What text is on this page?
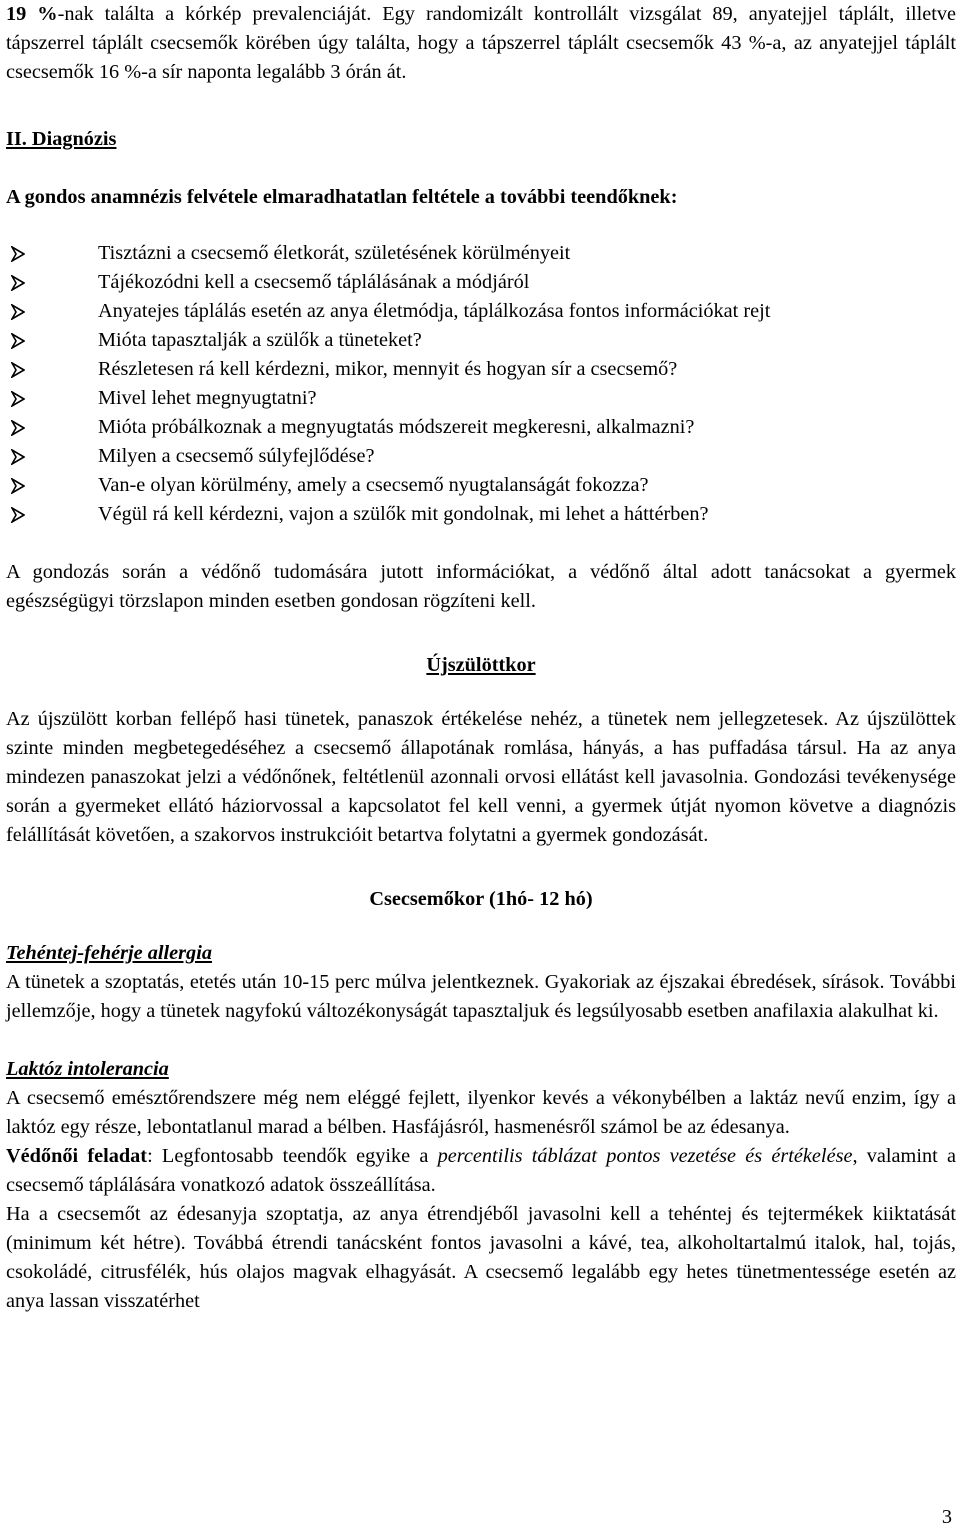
19 %-nak találta a kórkép prevalenciáját. Egy randomizált kontrollált vizsgálat 89, anyatejjel táplált, illetve tápszerrel táplált csecsemők körében úgy találta, hogy a tápszerrel táplált csecsemők 43 %-a, az anyatejjel táplált csecsemők 16 %-a sír naponta legalább 3 órán át.

II. Diagnózis

A gondos anamnézis felvétele elmaradhatatlan feltétele a további teendőknek:

Tisztázni a csecsemő életkorát, születésének körülményeit
Tájékozódni kell a csecsemő táplálásának a módjáról
Anyatejes táplálás esetén az anya életmódja, táplálkozása fontos információkat rejt
Mióta tapasztalják a szülők a tüneteket?
Részletesen rá kell kérdezni, mikor, mennyit és hogyan sír a csecsemő?
Mivel lehet megnyugtatni?
Mióta próbálkoznak a megnyugtatás módszereit megkeresni, alkalmazni?
Milyen a csecsemő súlyfejlődése?
Van-e olyan körülmény, amely a csecsemő nyugtalanságát fokozza?
Végül rá kell kérdezni, vajon a szülők mit gondolnak, mi lehet a háttérben?

A gondozás során a védőnő tudomására jutott információkat, a védőnő által adott tanácsokat a gyermek egészségügyi törzslapon minden esetben gondosan rögzíteni kell.

Újszülöttkor

Az újszülött korban fellépő hasi tünetek, panaszok értékelése nehéz, a tünetek nem jellegzetesek. Az újszülöttek szinte minden megbetegedéséhez a csecsemő állapotának romlása, hányás, a has puffadása társul. Ha az anya mindezen panaszokat jelzi a védőnőnek, feltétlenül azonnali orvosi ellátást kell javasolnia. Gondozási tevékenysége során a gyermeket ellátó háziorvossal a kapcsolatot fel kell venni, a gyermek útját nyomon követve a diagnózis felállítását követően, a szakorvos instrukcióit betartva folytatni a gyermek gondozását.

Csecsemőkor (1hó- 12 hó)

Tehéntej-fehérje allergia

A tünetek a szoptatás, etetés után 10-15 perc múlva jelentkeznek. Gyakoriak az éjszakai ébredések, sírások. További jellemzője, hogy a tünetek nagyfokú változékonyságát tapasztaljuk és legsúlyosabb esetben anafilaxia alakulhat ki.

Laktóz intolerancia

A csecsemő emésztőrendszere még nem eléggé fejlett, ilyenkor kevés a vékonybélben a laktáz nevű enzim, így a laktóz egy része, lebontatlanul marad a bélben. Hasfájásról, hasmenésről számol be az édesanya.

Védőnői feladat: Legfontosabb teendők egyike a percentilis táblázat pontos vezetése és értékelése, valamint a csecsemő táplálására vonatkozó adatok összeállítása.

Ha a csecsemőt az édesanyja szoptatja, az anya étrendjéből javasolni kell a tehéntej és tejtermékek kiiktatását (minimum két hétre). Továbbá étrendi tanácsként fontos javasolni a kávé, tea, alkoholtartalmú italok, hal, tojás, csokoládé, citrusfélék, hús olajos magvak elhagyását. A csecsemő legalább egy hetes tünetmentessége esetén az anya lassan visszatérhet

3
